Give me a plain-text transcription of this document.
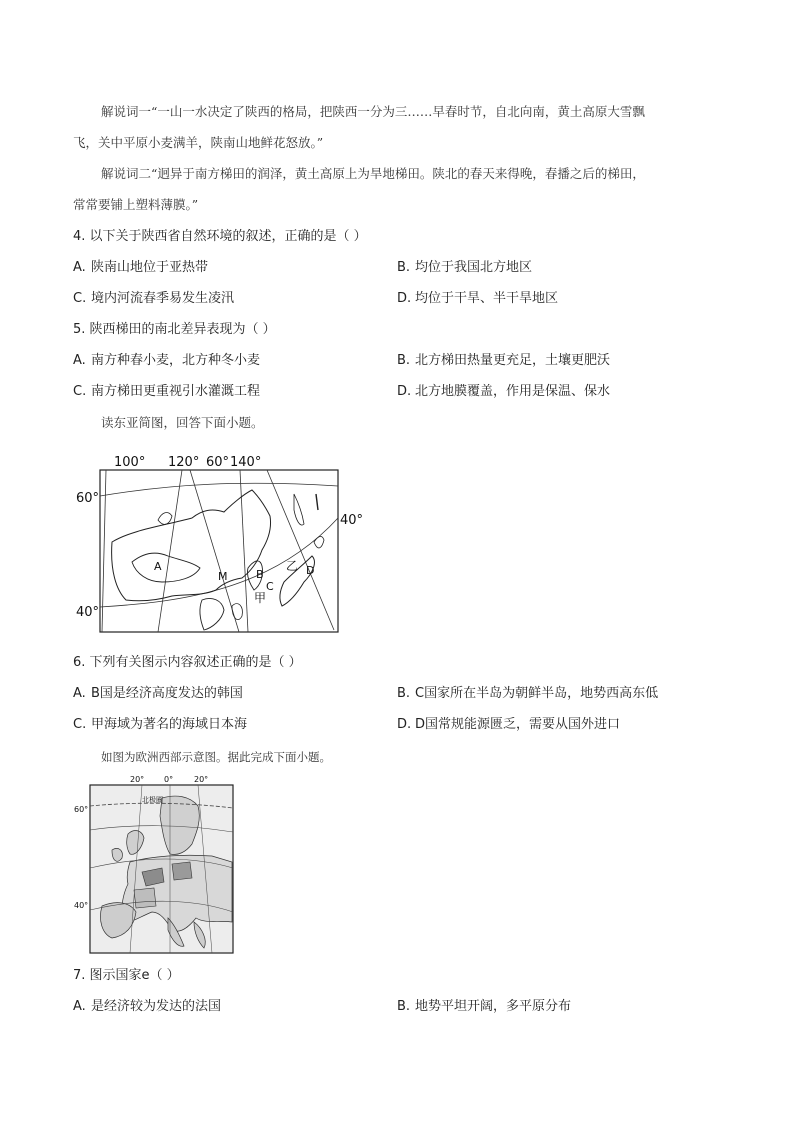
解说词一“一山一水决定了陕西的格局，把陕西一分为三……早春时节，自北向南，黄土高原大雪飘
飞，关中平原小麦满羊，陕南山地鲜花怒放。”
解说词二“迥异于南方梯田的润泽，黄土高原上为旱地梯田。陕北的春天来得晚，春播之后的梯田，
常常要铺上塑料薄膜。”
4. 以下关于陕西省自然环境的叙述，正确的是（ ）
A. 陕南山地位于亚热带	B. 均位于我国北方地区
C. 境内河流春季易发生凌汛	D. 均位于干旱、半干旱地区
5. 陕西梯田的南北差异表现为（ ）
A. 南方种春小麦，北方种冬小麦	B. 北方梯田热量更充足，土壤更肥沃
C. 南方梯田更重视引水灌溉工程	D. 北方地膜覆盖，作用是保温、保水
读东亚简图，回答下面小题。
100° 120° 60° 140°
60°
40°
40°
A
M	B
C
D
乙
甲
6. 下列有关图示内容叙述正确的是（ ）
A. B国是经济高度发达的韩国	B. C国家所在半岛为朝鲜半岛，地势西高东低
C. 甲海域为著名的海域日本海	D. D国常规能源匮乏，需要从国外进口
如图为欧洲西部示意图。据此完成下面小题。
20° 0°	20°
60°
40°
北极圈
7. 图示国家e（ ）
A. 是经济较为发达的法国	B. 地势平坦开阔，多平原分布
